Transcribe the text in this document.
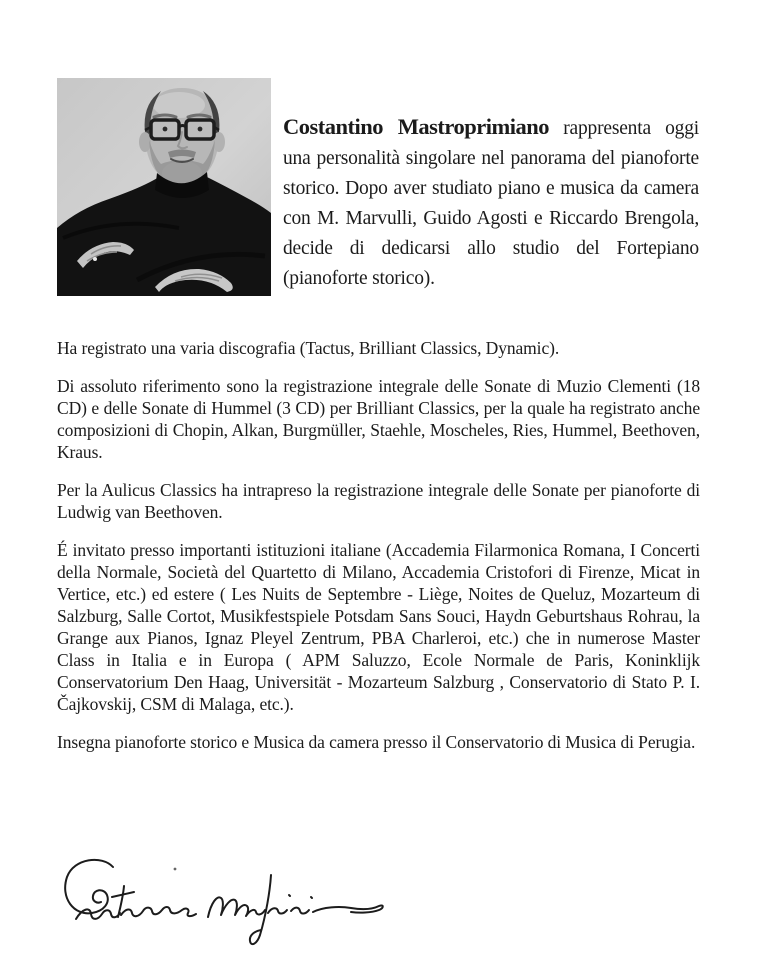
Costantino Mastroprimiano rappresenta oggi una personalità singolare nel panorama del pianoforte storico. Dopo aver studiato piano e musica da camera con M. Marvulli, Guido Agosti e Riccardo Brengola, decide di dedicarsi allo studio del Fortepiano (pianoforte storico).

Ha registrato una varia discografia (Tactus, Brilliant Classics, Dynamic).

Di assoluto riferimento sono la registrazione integrale delle Sonate di Muzio Clementi (18 CD) e delle Sonate di Hummel (3 CD) per Brilliant Classics, per la quale ha registrato anche composizioni di Chopin, Alkan, Burgmüller, Staehle, Moscheles, Ries, Hummel, Beethoven, Kraus.

Per la Aulicus Classics ha intrapreso la registrazione integrale delle Sonate per pianoforte di Ludwig van Beethoven.

É invitato presso importanti istituzioni italiane (Accademia Filarmonica Romana, I Concerti della Normale, Società del Quartetto di Milano, Accademia Cristofori di Firenze, Micat in Vertice, etc.) ed estere ( Les Nuits de Septembre - Liège, Noites de Queluz, Mozarteum di Salzburg, Salle Cortot, Musikfestspiele Potsdam Sans Souci, Haydn Geburtshaus Rohrau, la Grange aux Pianos, Ignaz Pleyel Zentrum, PBA Charleroi, etc.) che in numerose Master Class in Italia e in Europa ( APM Saluzzo, Ecole Normale de Paris, Koninklijk Conservatorium Den Haag, Universität - Mozarteum Salzburg , Conservatorio di Stato P. I. Čajkovskij, CSM di Malaga, etc.).

Insegna pianoforte storico e Musica da camera presso il Conservatorio di Musica di Perugia.
